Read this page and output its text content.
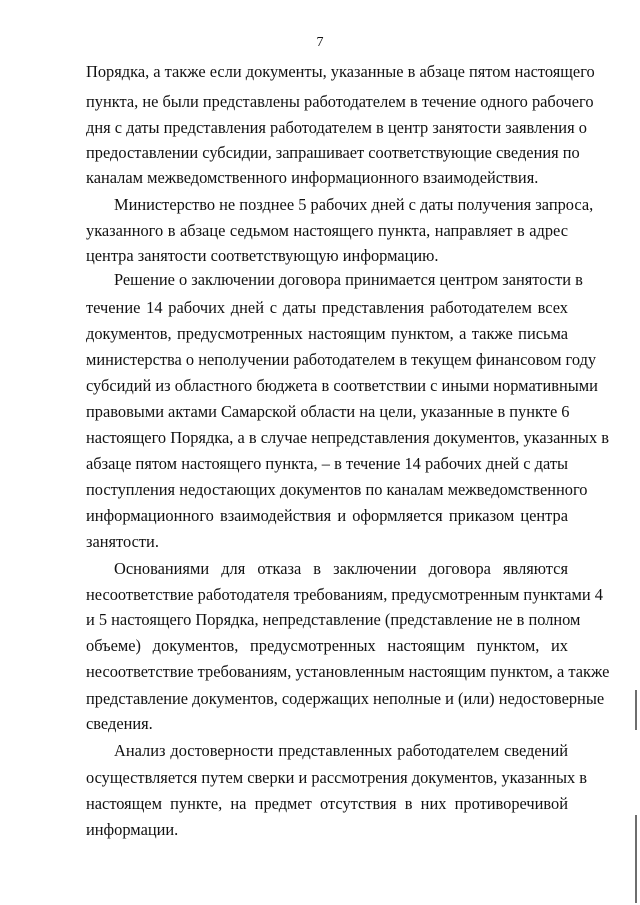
7
Порядка, а также если документы, указанные в абзаце пятом настоящего
пункта, не были представлены работодателем в течение одного рабочего
дня с даты представления работодателем в центр занятости заявления о
предоставлении субсидии, запрашивает соответствующие сведения по
каналам межведомственного информационного взаимодействия.
Министерство не позднее 5 рабочих дней с даты получения запроса,
указанного в абзаце седьмом настоящего пункта, направляет в адрес
центра занятости соответствующую информацию.
Решение о заключении договора принимается центром занятости в
течение 14 рабочих дней с даты представления работодателем всех
документов, предусмотренных настоящим пунктом, а также письма
министерства о неполучении работодателем в текущем финансовом году
субсидий из областного бюджета в соответствии с иными нормативными
правовыми актами Самарской области на цели, указанные в пункте 6
настоящего Порядка, а в случае непредставления документов, указанных в
абзаце пятом настоящего пункта, – в течение 14 рабочих дней с даты
поступления недостающих документов по каналам межведомственного
информационного взаимодействия и оформляется приказом центра
занятости.
Основаниями для отказа в заключении договора являются
несоответствие работодателя требованиям, предусмотренным пунктами 4
и 5 настоящего Порядка, непредставление (представление не в полном
объеме) документов, предусмотренных настоящим пунктом, их
несоответствие требованиям, установленным настоящим пунктом, а также
представление документов, содержащих неполные и (или) недостоверные
сведения.
Анализ достоверности представленных работодателем сведений
осуществляется путем сверки и рассмотрения документов, указанных в
настоящем пункте, на предмет отсутствия в них противоречивой
информации.
